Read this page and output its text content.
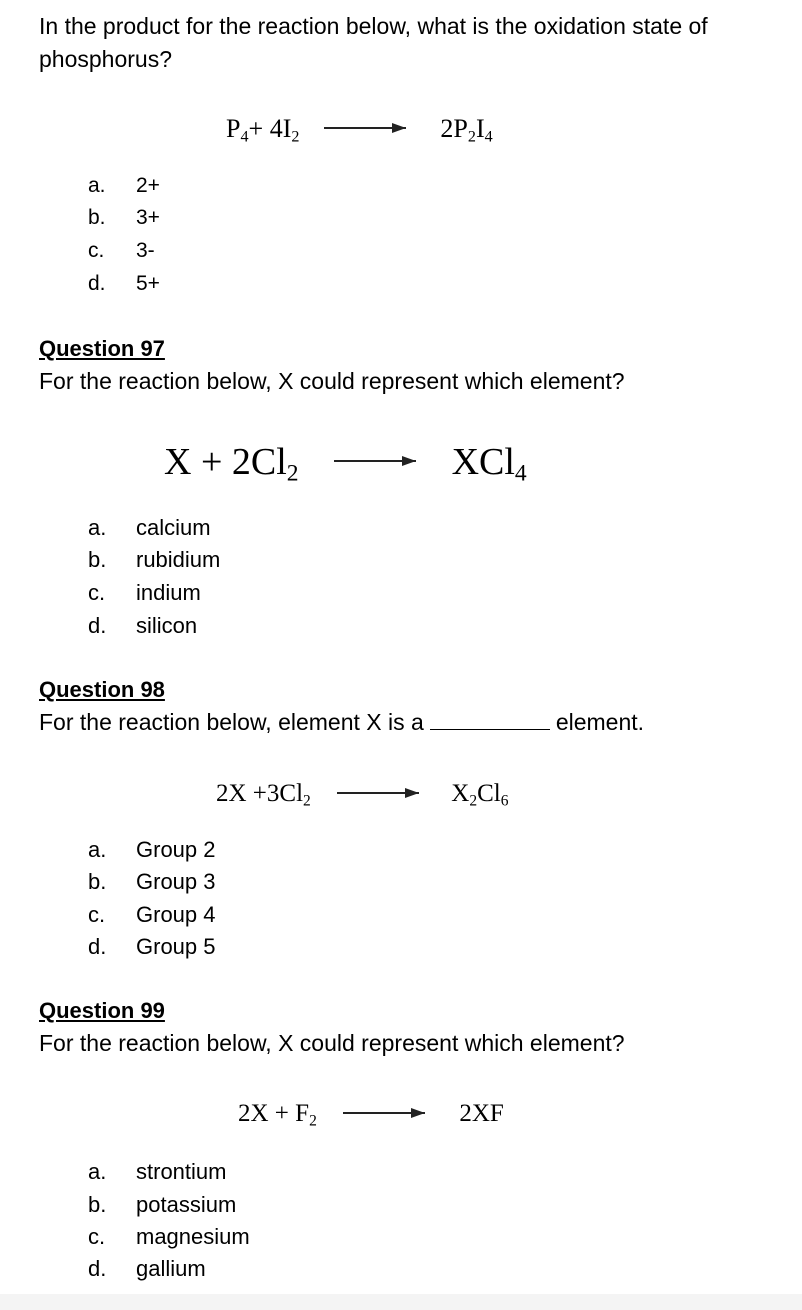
In the product for the reaction below, what is the oxidation state of phosphorus?
$P_4+ 4I_2 \to 2P_2I_4$
a. 2+
b. 3+
c. 3-
d. 5+
Question 97
For the reaction below, X could represent which element?
$X + 2Cl_2 \to XCl_4$
a. calcium
b. rubidium
c. indium
d. silicon
Question 98
For the reaction below, element X is a	element.
$2X +3Cl_2 \to X_2Cl_6$
a. Group 2
b. Group 3
c. Group 4
d. Group 5
Question 99
For the reaction below, X could represent which element?
$2X + F_2 \to 2XF$
a. strontium
b. potassium
c. magnesium
d. gallium
